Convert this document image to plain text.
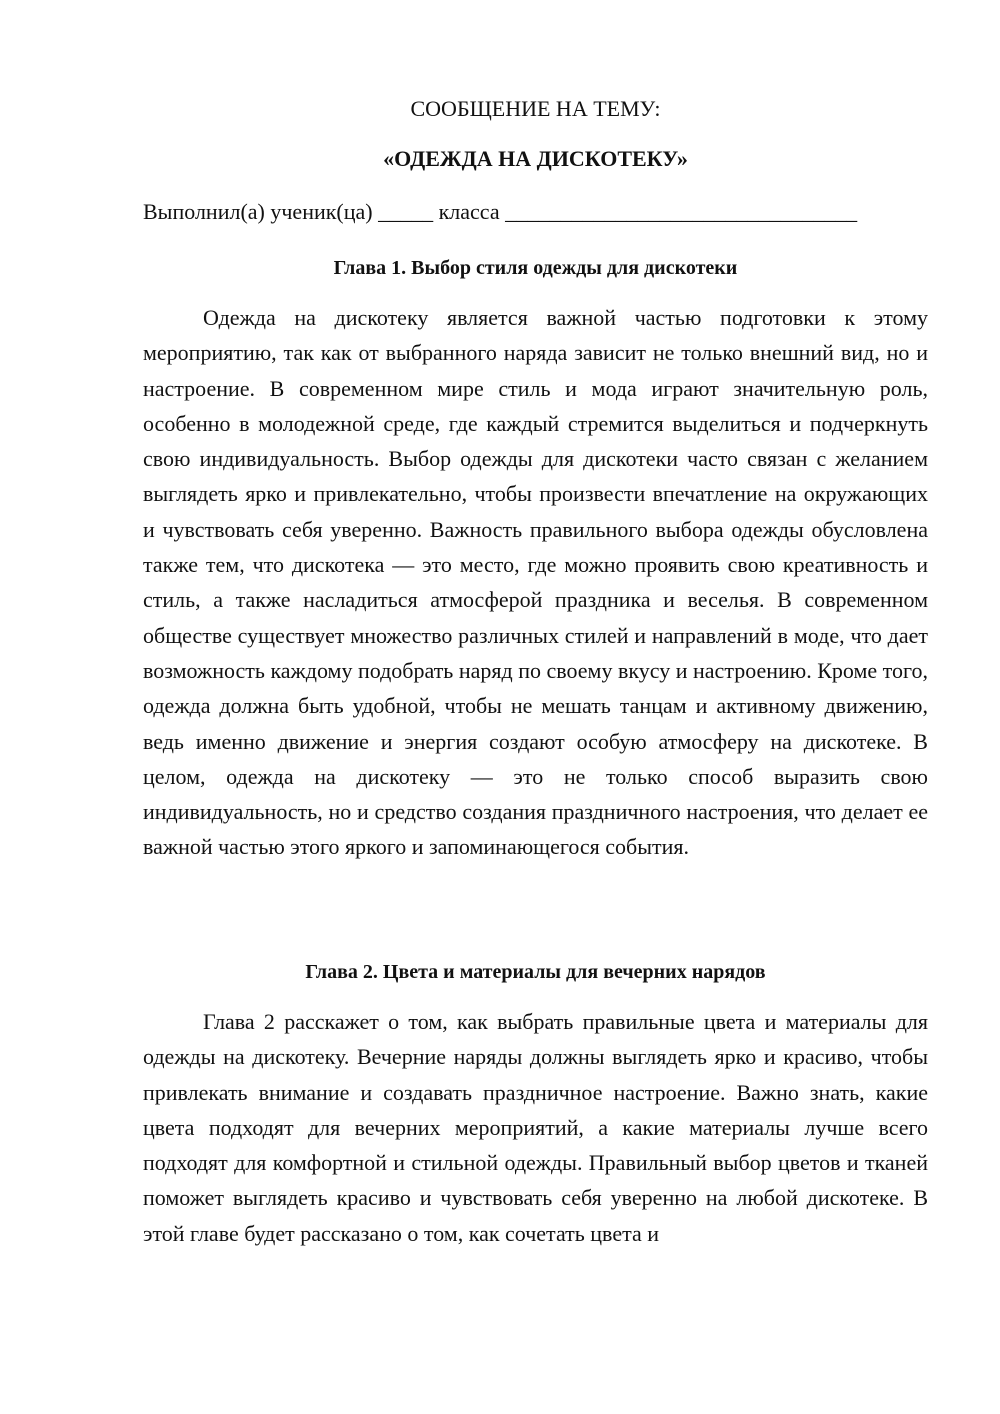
СООБЩЕНИЕ НА ТЕМУ:
«ОДЕЖДА НА ДИСКОТЕКУ»
Выполнил(а) ученик(ца) _____ класса ________________________________
Глава 1. Выбор стиля одежды для дискотеки

Одежда на дискотеку является важной частью подготовки к этому мероприятию, так как от выбранного наряда зависит не только внешний вид, но и настроение. В современном мире стиль и мода играют значительную роль, особенно в молодежной среде, где каждый стремится выделиться и подчеркнуть свою индивидуальность. Выбор одежды для дискотеки часто связан с желанием выглядеть ярко и привлекательно, чтобы произвести впечатление на окружающих и чувствовать себя уверенно. Важность правильного выбора одежды обусловлена также тем, что дискотека — это место, где можно проявить свою креативность и стиль, а также насладиться атмосферой праздника и веселья. В современном обществе существует множество различных стилей и направлений в моде, что дает возможность каждому подобрать наряд по своему вкусу и настроению. Кроме того, одежда должна быть удобной, чтобы не мешать танцам и активному движению, ведь именно движение и энергия создают особую атмосферу на дискотеке. В целом, одежда на дискотеку — это не только способ выразить свою индивидуальность, но и средство создания праздничного настроения, что делает ее важной частью этого яркого и запоминающегося события.

Глава 2. Цвета и материалы для вечерних нарядов

Глава 2 расскажет о том, как выбрать правильные цвета и материалы для одежды на дискотеку. Вечерние наряды должны выглядеть ярко и красиво, чтобы привлекать внимание и создавать праздничное настроение. Важно знать, какие цвета подходят для вечерних мероприятий, а какие материалы лучше всего подходят для комфортной и стильной одежды. Правильный выбор цветов и тканей поможет выглядеть красиво и чувствовать себя уверенно на любой дискотеке. В этой главе будет рассказано о том, как сочетать цвета и
